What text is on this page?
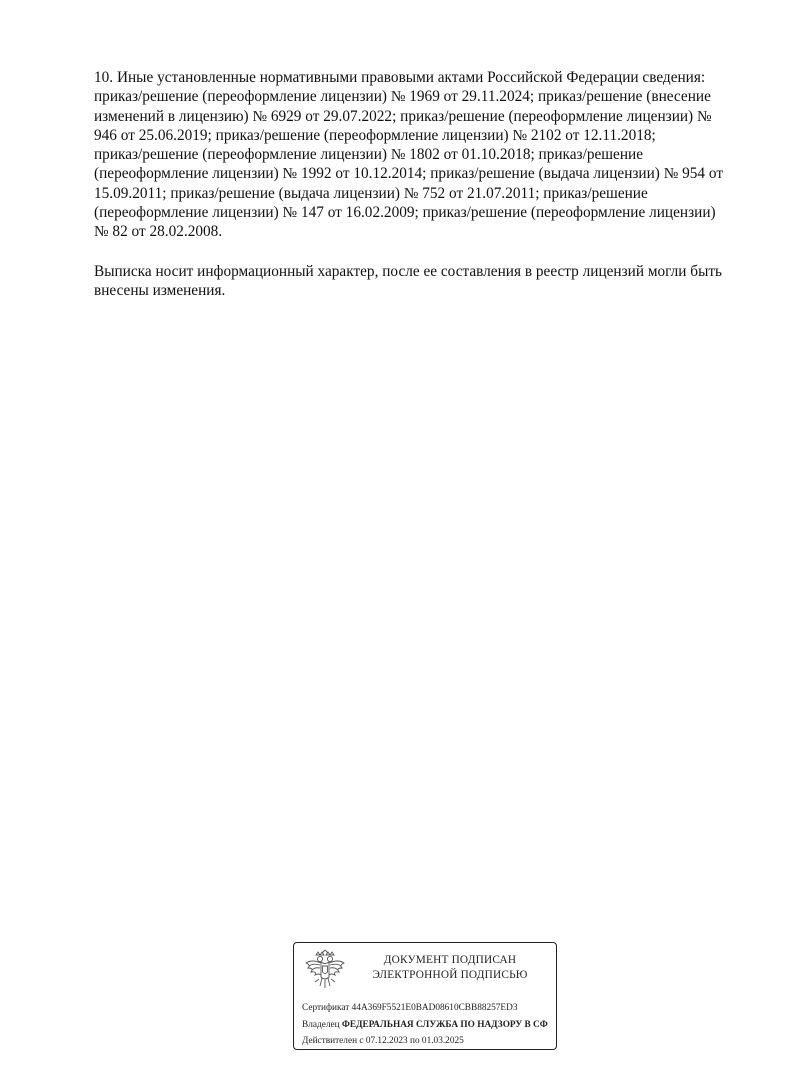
10. Иные установленные нормативными правовыми актами Российской Федерации сведения:
приказ/решение (переоформление лицензии) № 1969 от 29.11.2024; приказ/решение (внесение
изменений в лицензию) № 6929 от 29.07.2022; приказ/решение (переоформление лицензии) №
946 от 25.06.2019; приказ/решение (переоформление лицензии) № 2102 от 12.11.2018;
приказ/решение (переоформление лицензии) № 1802 от 01.10.2018; приказ/решение
(переоформление лицензии) № 1992 от 10.12.2014; приказ/решение (выдача лицензии) № 954 от
15.09.2011; приказ/решение (выдача лицензии) № 752 от 21.07.2011; приказ/решение
(переоформление лицензии) № 147 от 16.02.2009; приказ/решение (переоформление лицензии)
№ 82 от 28.02.2008.
Выписка носит информационный характер, после ее составления в реестр лицензий могли быть
внесены изменения.
ДОКУМЕНТ ПОДПИСАН
ЭЛЕКТРОННОЙ ПОДПИСЬЮ
Сертификат 44A369F5521E0BAD08610CBB88257ED3
Владелец ФЕДЕРАЛЬНАЯ СЛУЖБА ПО НАДЗОРУ В СФ
Действителен с 07.12.2023 по 01.03.2025
